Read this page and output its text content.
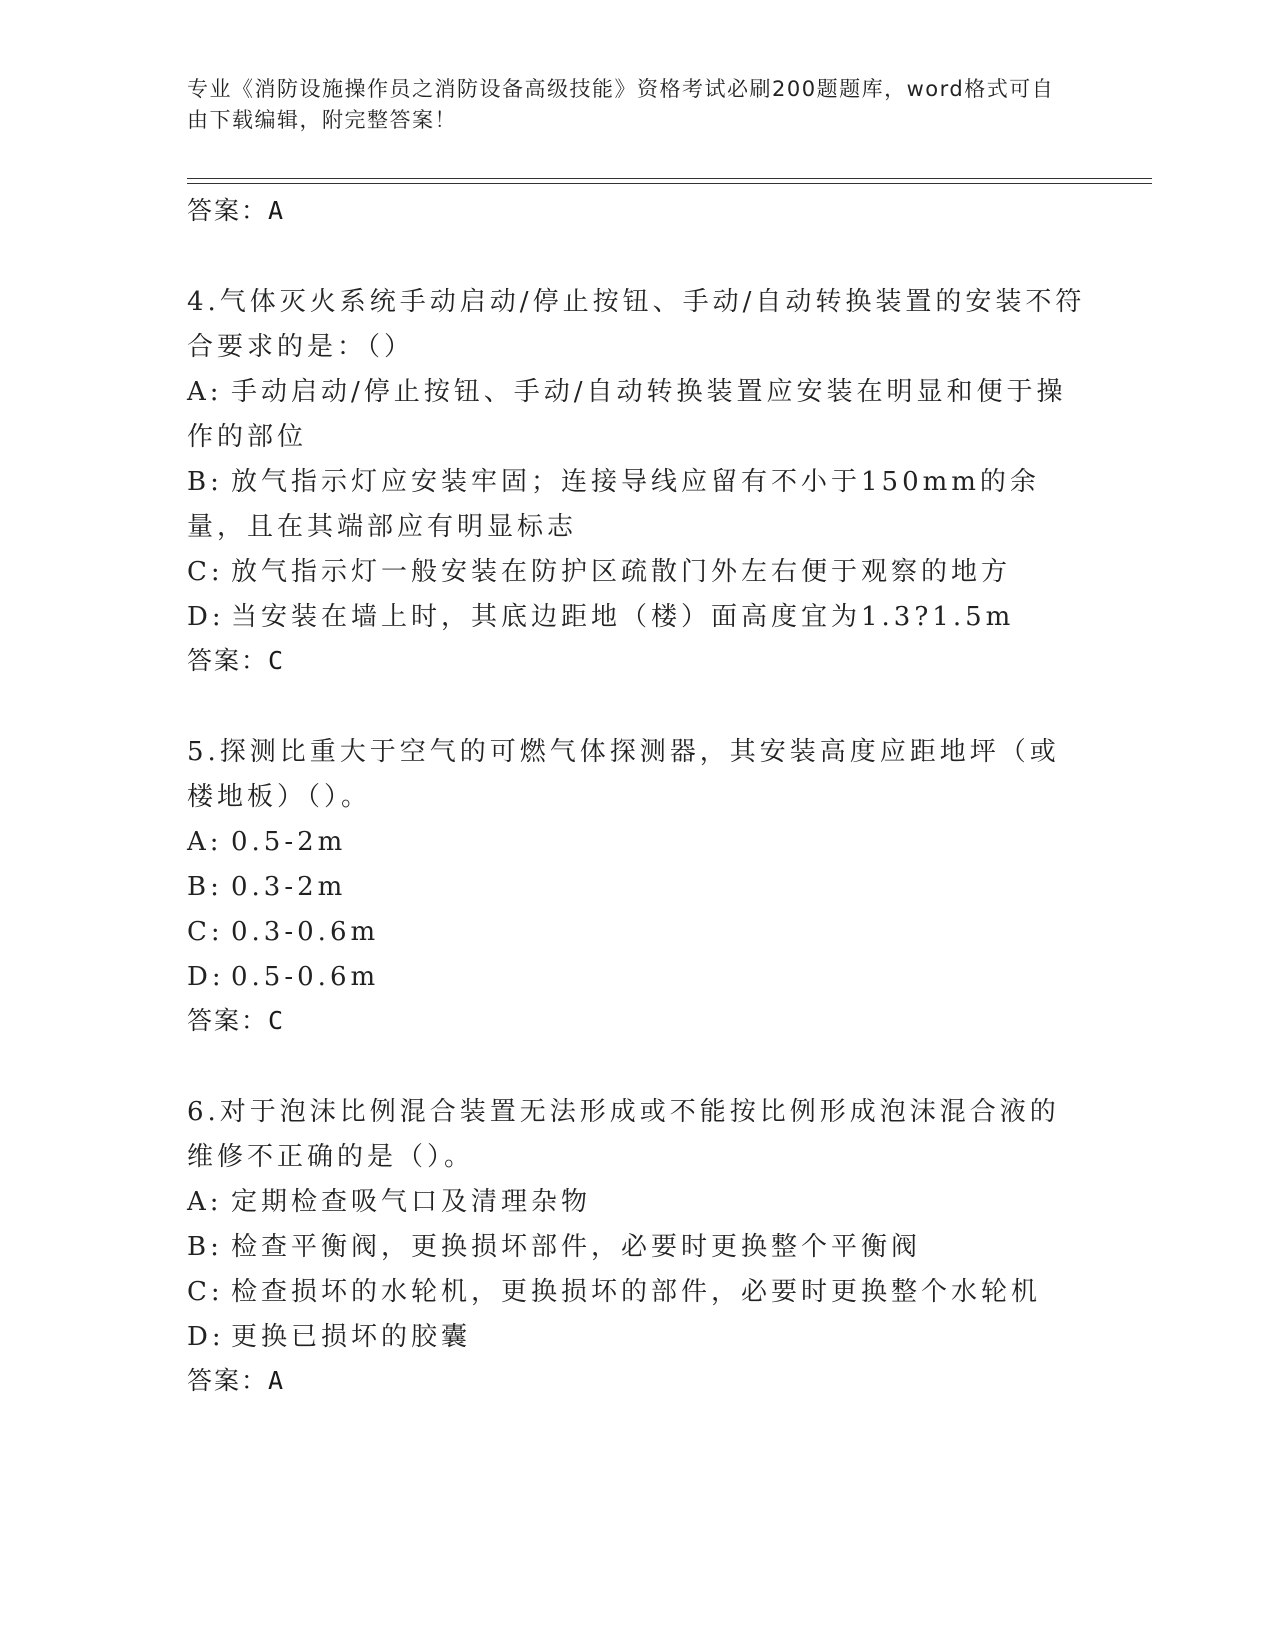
专业《消防设施操作员之消防设备高级技能》资格考试必刷200题题库，word格式可自由下载编辑，附完整答案！
答案：A
4.气体灭火系统手动启动/停止按钮、手动/自动转换装置的安装不符合要求的是：（）
A: 手动启动/停止按钮、手动/自动转换装置应安装在明显和便于操作的部位
B: 放气指示灯应安装牢固；连接导线应留有不小于150mm的余量，且在其端部应有明显标志
C: 放气指示灯一般安装在防护区疏散门外左右便于观察的地方
D: 当安装在墙上时，其底边距地（楼）面高度宜为1.3?1.5m
答案：C
5.探测比重大于空气的可燃气体探测器，其安装高度应距地坪（或楼地板）（）。
A: 0.5-2m
B: 0.3-2m
C: 0.3-0.6m
D: 0.5-0.6m
答案：C
6.对于泡沫比例混合装置无法形成或不能按比例形成泡沫混合液的维修不正确的是（）。
A: 定期检查吸气口及清理杂物
B: 检查平衡阀，更换损坏部件，必要时更换整个平衡阀
C: 检查损坏的水轮机，更换损坏的部件，必要时更换整个水轮机
D: 更换已损坏的胶囊
答案：A
